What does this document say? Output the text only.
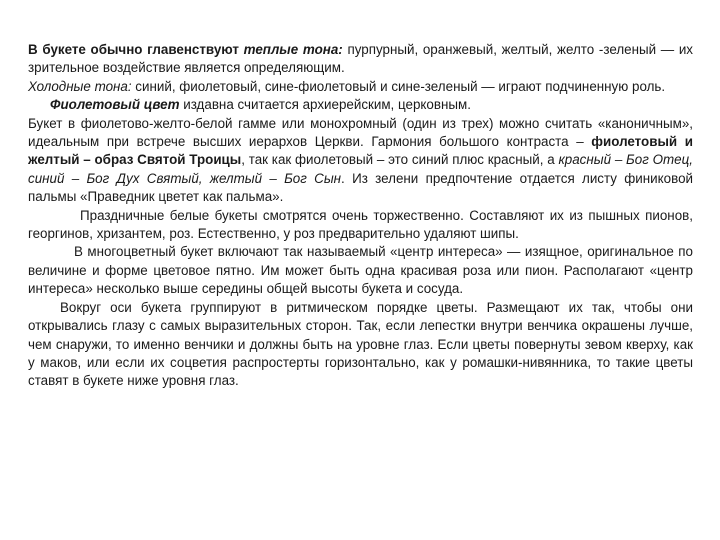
В букете обычно главенствуют теплые тона: пурпурный, оранжевый, желтый, желто -зеленый — их зрительное воздействие является определяющим.

Холодные тона: синий, фиолетовый, сине-фиолетовый и сине-зеленый — играют подчиненную роль.

Фиолетовый цвет издавна считается архиерейским, церковным.

Букет в фиолетово-желто-белой гамме или монохромный (один из трех) можно считать «каноничным», идеальным при встрече высших иерархов Церкви. Гармония большого контраста – фиолетовый и желтый – образ Святой Троицы, так как фиолетовый – это синий плюс красный, а красный – Бог Отец, синий – Бог Дух Святый, желтый – Бог Сын. Из зелени предпочтение отдается листу финиковой пальмы «Праведник цветет как пальма».

Праздничные белые букеты смотрятся очень торжественно. Составляют их из пышных пионов, георгинов, хризантем, роз. Естественно, у роз предварительно удаляют шипы.

В многоцветный букет включают так называемый «центр интереса» — изящное, оригинальное по величине и форме цветовое пятно. Им может быть одна красивая роза или пион. Располагают «центр интереса» несколько выше середины общей высоты букета и сосуда.

Вокруг оси букета группируют в ритмическом порядке цветы. Размещают их так, чтобы они открывались глазу с самых выразительных сторон. Так, если лепестки внутри венчика окрашены лучше, чем снаружи, то именно венчики и должны быть на уровне глаз. Если цветы повернуты зевом кверху, как у маков, или если их соцветия распростерты горизонтально, как у ромашки-нивянника, то такие цветы ставят в букете ниже уровня глаз.
